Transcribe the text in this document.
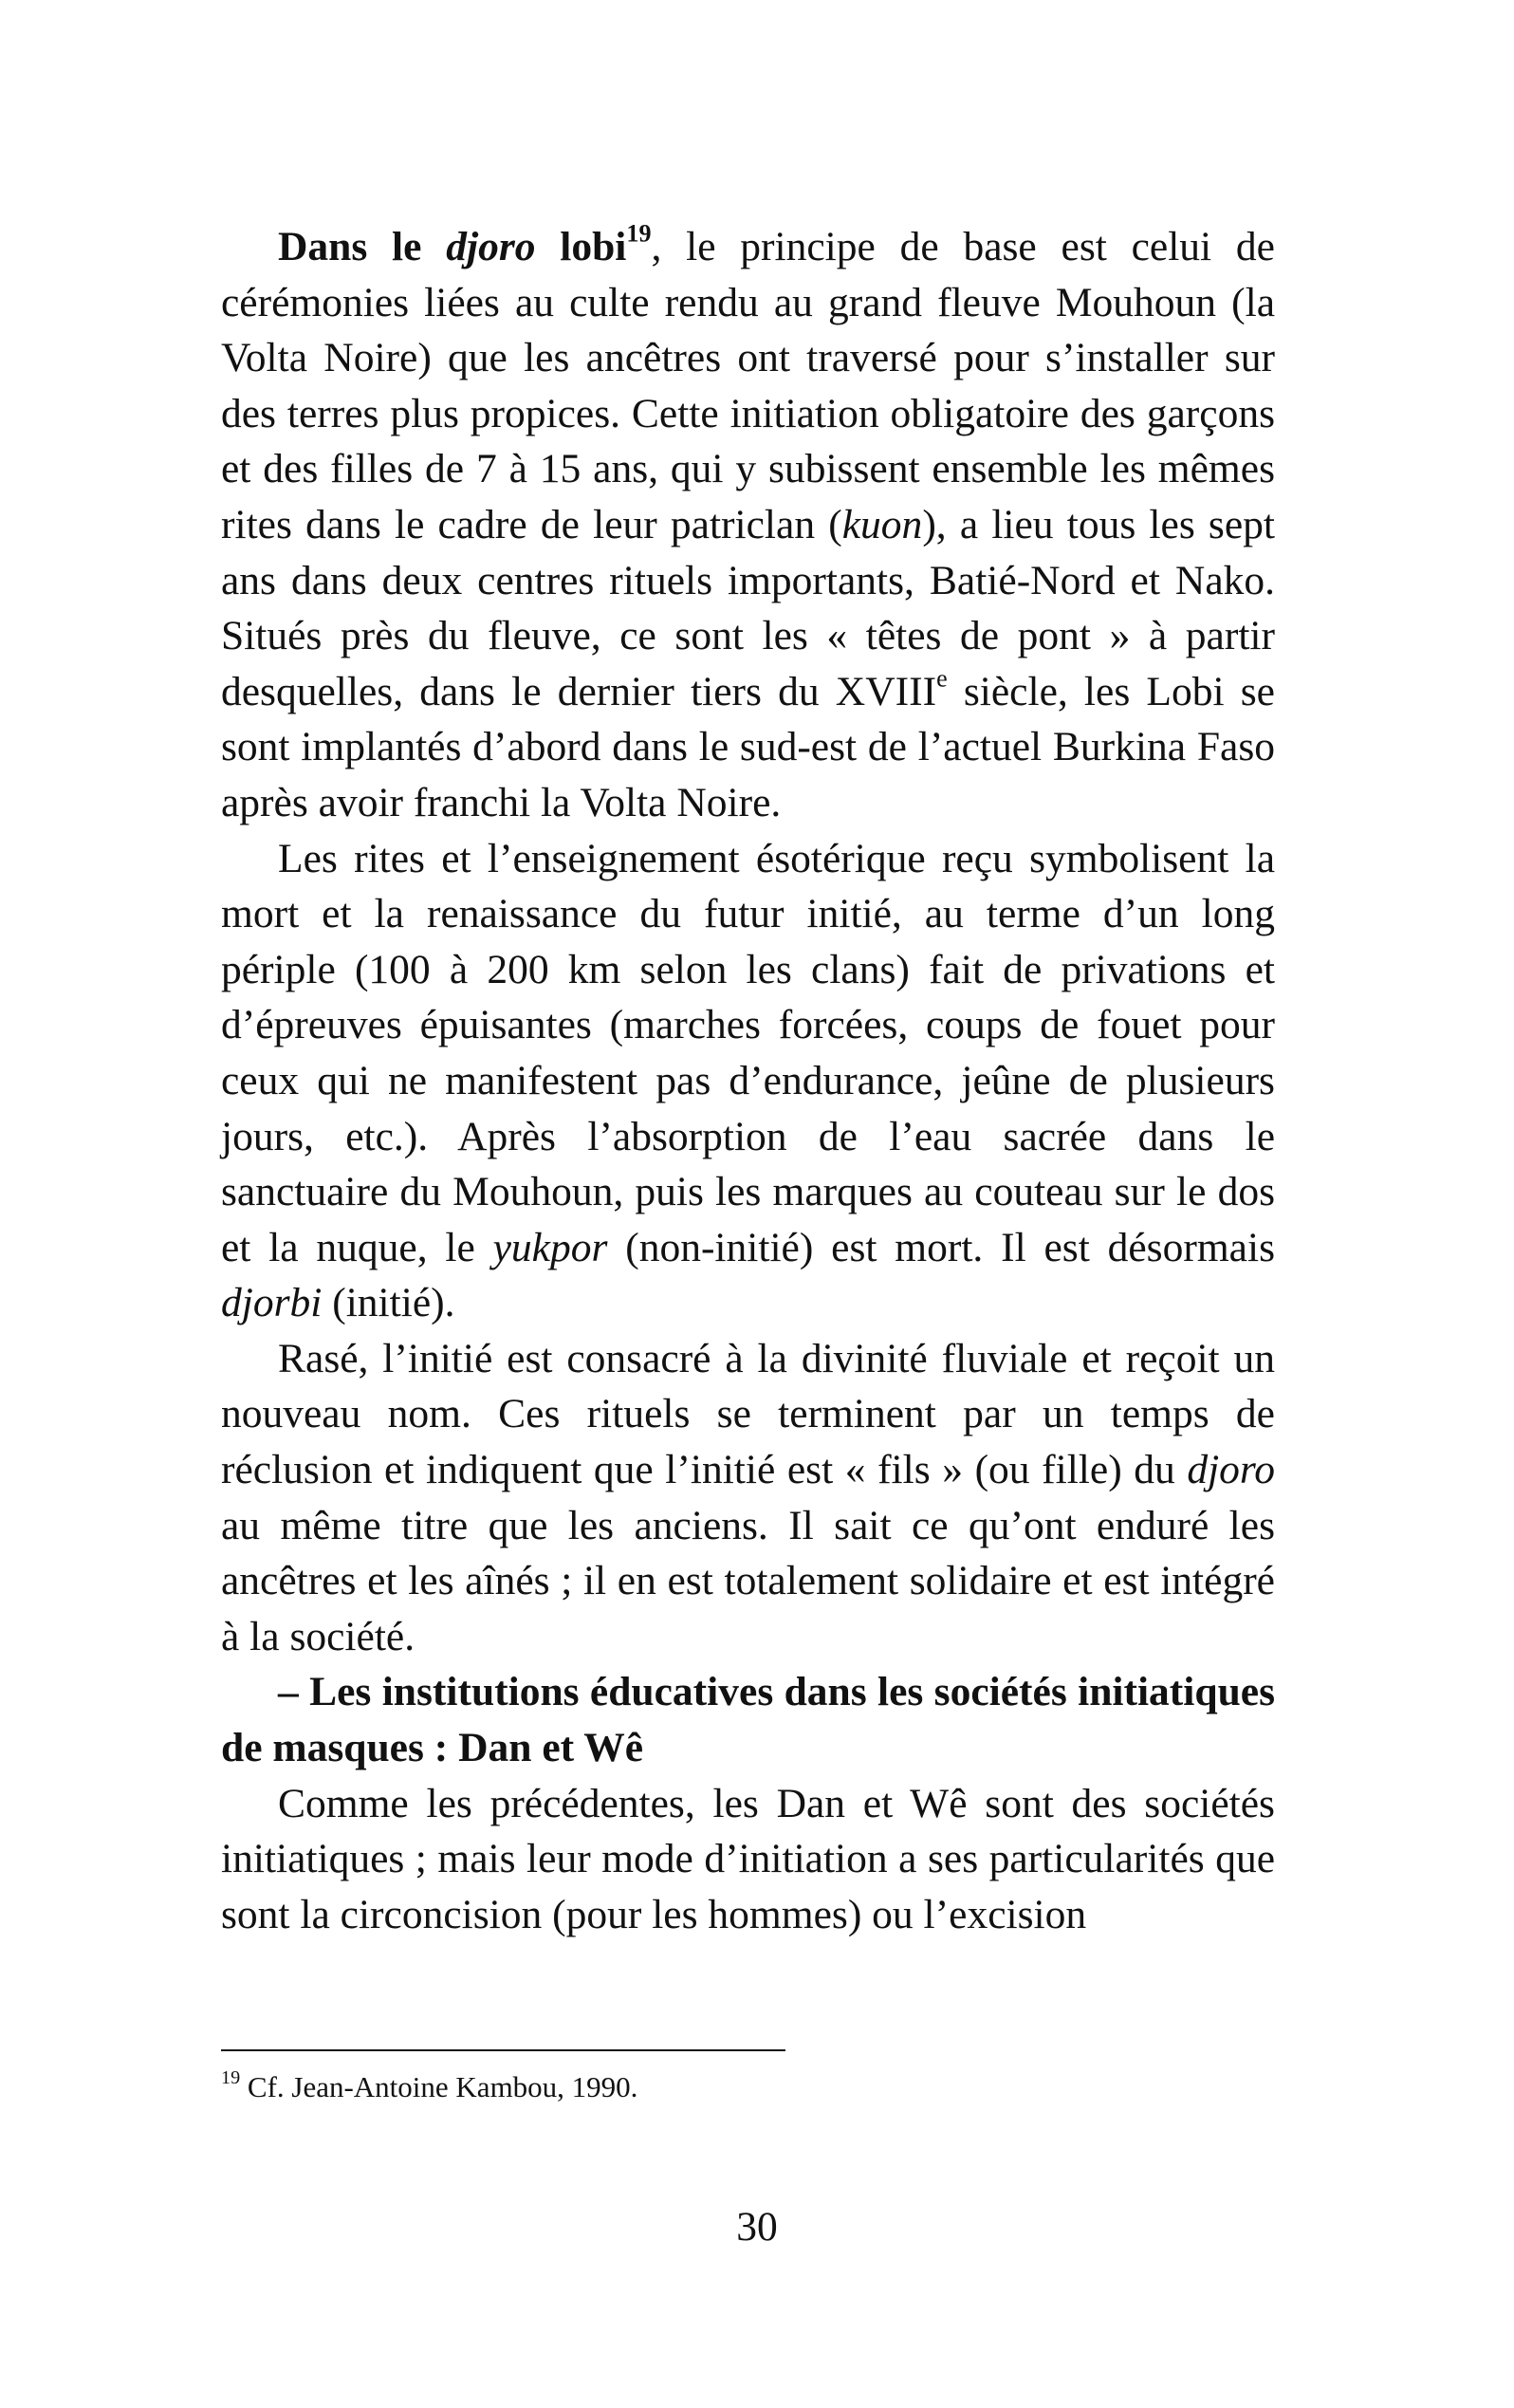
Dans le djoro lobi$^{19}$, le principe de base est celui de cérémonies liées au culte rendu au grand fleuve Mouhoun (la Volta Noire) que les ancêtres ont traversé pour s’installer sur des terres plus propices. Cette initiation obligatoire des garçons et des filles de 7 à 15 ans, qui y subissent ensemble les mêmes rites dans le cadre de leur patriclan (kuon), a lieu tous les sept ans dans deux centres rituels importants, Batié-Nord et Nako. Situés près du fleuve, ce sont les « têtes de pont » à partir desquelles, dans le dernier tiers du XVIIIe siècle, les Lobi se sont implantés d’abord dans le sud-est de l’actuel Burkina Faso après avoir franchi la Volta Noire.

Les rites et l’enseignement ésotérique reçu symbolisent la mort et la renaissance du futur initié, au terme d’un long périple (100 à 200 km selon les clans) fait de privations et d’épreuves épuisantes (marches forcées, coups de fouet pour ceux qui ne manifestent pas d’endurance, jeûne de plusieurs jours, etc.). Après l’absorption de l’eau sacrée dans le sanctuaire du Mouhoun, puis les marques au couteau sur le dos et la nuque, le yukpor (non-initié) est mort. Il est désormais djorbi (initié).

Rasé, l’initié est consacré à la divinité fluviale et reçoit un nouveau nom. Ces rituels se terminent par un temps de réclusion et indiquent que l’initié est « fils » (ou fille) du djoro au même titre que les anciens. Il sait ce qu’ont enduré les ancêtres et les aînés ; il en est totalement solidaire et est intégré à la société.

– Les institutions éducatives dans les sociétés initiatiques de masques : Dan et Wê

Comme les précédentes, les Dan et Wê sont des sociétés initiatiques ; mais leur mode d’initiation a ses particularités que sont la circoncision (pour les hommes) ou l’excision

$^{19}$ Cf. Jean-Antoine Kambou, 1990.
30
